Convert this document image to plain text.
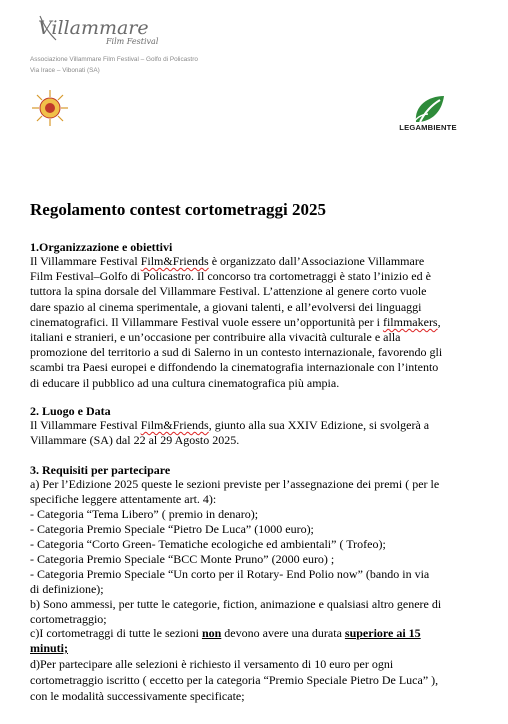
Villammare
Film Festival
Associazione Villammare Film Festival – Golfo di Policastro
Via Irace – Vibonati (SA)
LEGAMBIENTE
Regolamento contest cortometraggi 2025
1.Organizzazione e obiettivi
Il Villammare Festival Film&Friends è organizzato dall’Associazione Villammare
Film Festival–Golfo di Policastro. Il concorso tra cortometraggi è stato l’inizio ed è
tuttora la spina dorsale del Villammare Festival. L’attenzione al genere corto vuole
dare spazio al cinema sperimentale, a giovani talenti, e all’evolversi dei linguaggi
cinematografici. Il Villammare Festival vuole essere un’opportunità per i filmmakers,
italiani e stranieri, e un’occasione per contribuire alla vivacità culturale e alla
promozione del territorio a sud di Salerno in un contesto internazionale, favorendo gli
scambi tra Paesi europei e diffondendo la cinematografia internazionale con l’intento
di educare il pubblico ad una cultura cinematografica più ampia.
2. Luogo e Data
Il Villammare Festival Film&Friends, giunto alla sua XXIV Edizione, si svolgerà a
Villammare (SA) dal 22 al 29 Agosto 2025.
3. Requisiti per partecipare
a) Per l’Edizione 2025 queste le sezioni previste per l’assegnazione dei premi ( per le
specifiche leggere attentamente art. 4):
- Categoria “Tema Libero” ( premio in denaro);
- Categoria Premio Speciale “Pietro De Luca” (1000 euro);
- Categoria “Corto Green- Tematiche ecologiche ed ambientali” ( Trofeo);
- Categoria Premio Speciale “BCC Monte Pruno” (2000 euro) ;
- Categoria Premio Speciale “Un corto per il Rotary- End Polio now” (bando in via
di definizione);
b) Sono ammessi, per tutte le categorie, fiction, animazione e qualsiasi altro genere di
cortometraggio;
c)I cortometraggi di tutte le sezioni non devono avere una durata superiore ai 15
minuti;
d)Per partecipare alle selezioni è richiesto il versamento di 10 euro per ogni
cortometraggio iscritto ( eccetto per la categoria “Premio Speciale Pietro De Luca” ),
con le modalità successivamente specificate;
